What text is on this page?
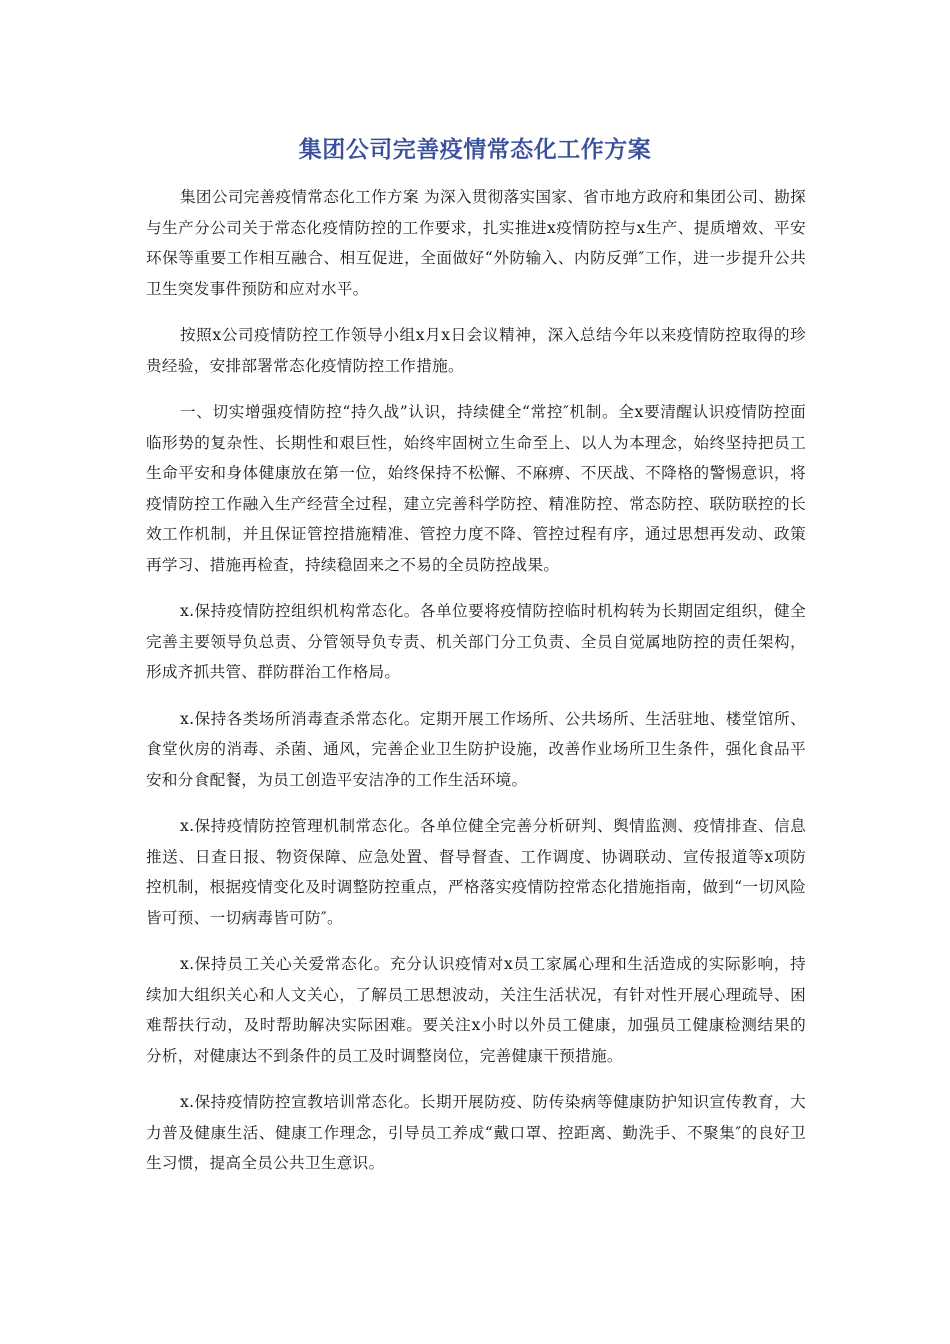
集团公司完善疫情常态化工作方案

集团公司完善疫情常态化工作方案 为深入贯彻落实国家、省市地方政府和集团公司、勘探与生产分公司关于常态化疫情防控的工作要求，扎实推进x疫情防控与x生产、提质增效、平安环保等重要工作相互融合、相互促进，全面做好“外防输入、内防反弹″工作，进一步提升公共卫生突发事件预防和应对水平。

按照x公司疫情防控工作领导小组x月x日会议精神，深入总结今年以来疫情防控取得的珍贵经验，安排部署常态化疫情防控工作措施。

一、切实增强疫情防控“持久战”认识，持续健全“常控″机制。全x要清醒认识疫情防控面临形势的复杂性、长期性和艰巨性，始终牢固树立生命至上、以人为本理念，始终坚持把员工生命平安和身体健康放在第一位，始终保持不松懈、不麻痹、不厌战、不降格的警惕意识，将疫情防控工作融入生产经营全过程，建立完善科学防控、精准防控、常态防控、联防联控的长效工作机制，并且保证管控措施精准、管控力度不降、管控过程有序，通过思想再发动、政策再学习、措施再检查，持续稳固来之不易的全员防控战果。

x.保持疫情防控组织机构常态化。各单位要将疫情防控临时机构转为长期固定组织，健全完善主要领导负总责、分管领导负专责、机关部门分工负责、全员自觉属地防控的责任架构，形成齐抓共管、群防群治工作格局。

x.保持各类场所消毒查杀常态化。定期开展工作场所、公共场所、生活驻地、楼堂馆所、食堂伙房的消毒、杀菌、通风，完善企业卫生防护设施，改善作业场所卫生条件，强化食品平安和分食配餐，为员工创造平安洁净的工作生活环境。

x.保持疫情防控管理机制常态化。各单位健全完善分析研判、舆情监测、疫情排查、信息推送、日查日报、物资保障、应急处置、督导督查、工作调度、协调联动、宣传报道等x项防控机制，根据疫情变化及时调整防控重点，严格落实疫情防控常态化措施指南，做到“一切风险皆可预、一切病毒皆可防″。

x.保持员工关心关爱常态化。充分认识疫情对x员工家属心理和生活造成的实际影响，持续加大组织关心和人文关心，了解员工思想波动，关注生活状况，有针对性开展心理疏导、困难帮扶行动，及时帮助解决实际困难。要关注x小时以外员工健康，加强员工健康检测结果的分析，对健康达不到条件的员工及时调整岗位，完善健康干预措施。

x.保持疫情防控宣教培训常态化。长期开展防疫、防传染病等健康防护知识宣传教育，大力普及健康生活、健康工作理念，引导员工养成“戴口罩、控距离、勤洗手、不聚集″的良好卫生习惯，提高全员公共卫生意识。
